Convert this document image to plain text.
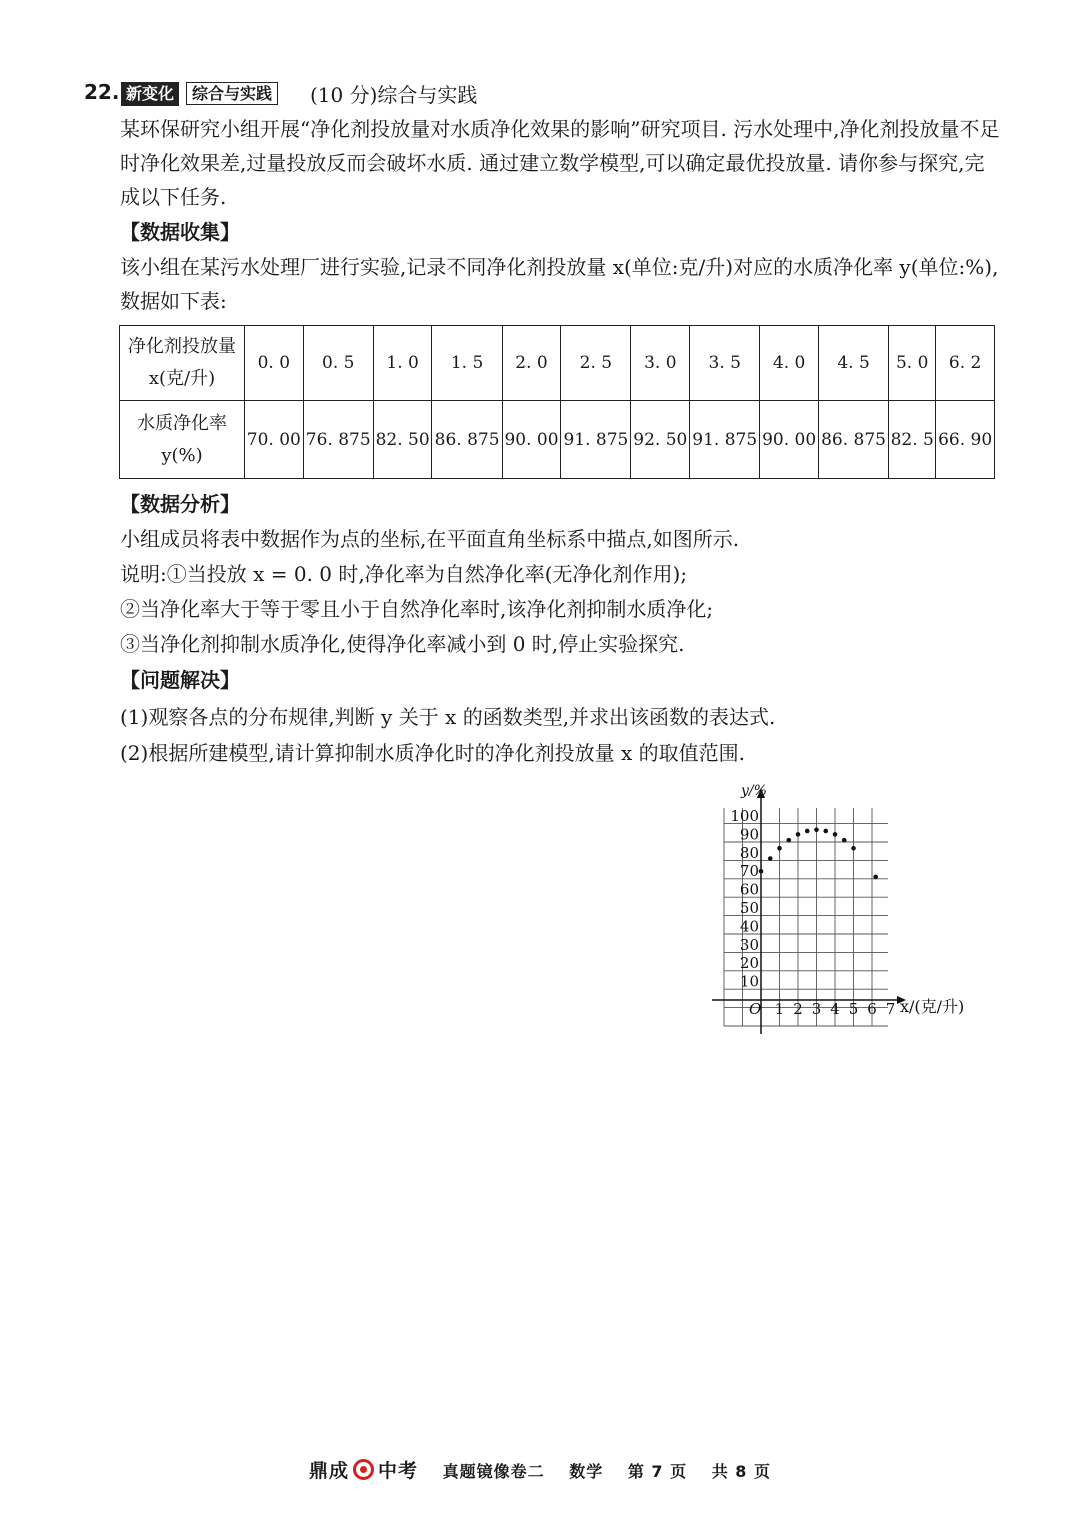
22. 新变化	综合与实践	(10 分)综合与实践

某环保研究小组开展“净化剂投放量对水质净化效果的影响”研究项目. 污水处理中,净化剂投放量不足时净化效果差,过量投放反而会破坏水质. 通过建立数学模型,可以确定最优投放量. 请你参与探究,完成以下任务.

【数据收集】

该小组在某污水处理厂进行实验,记录不同净化剂投放量 x(单位:克/升)对应的水质净化率 y(单位:%),数据如下表:

净化剂投放量
x(克/升)	0. 0	0. 5	1. 0	1. 5	2. 0	2. 5	3. 0	3. 5	4. 0	4. 5	5. 0	6. 2

水质净化率
y(%)	70. 00	76. 875	82. 50	86. 875	90. 00	91. 875	92. 50	91. 875	90. 00	86. 875	82. 5	66. 90
【数据分析】
小组成员将表中数据作为点的坐标,在平面直角坐标系中描点,如图所示.
说明:①当投放 x = 0. 0 时,净化率为自然净化率(无净化剂作用);
②当净化率大于等于零且小于自然净化率时,该净化剂抑制水质净化;
③当净化剂抑制水质净化,使得净化率减小到 0 时,停止实验探究.
【问题解决】
(1)观察各点的分布规律,判断 y 关于 x 的函数类型,并求出该函数的表达式.
(2)根据所建模型,请计算抑制水质净化时的净化剂投放量 x 的取值范围.
10
20
30
40
50
60
70
80
90
100
1 2 3 4 5 6 7
O
y/%
x/(克/升)
鼎成 中考 真题镜像卷二 数学 第 7 页 共 8 页
